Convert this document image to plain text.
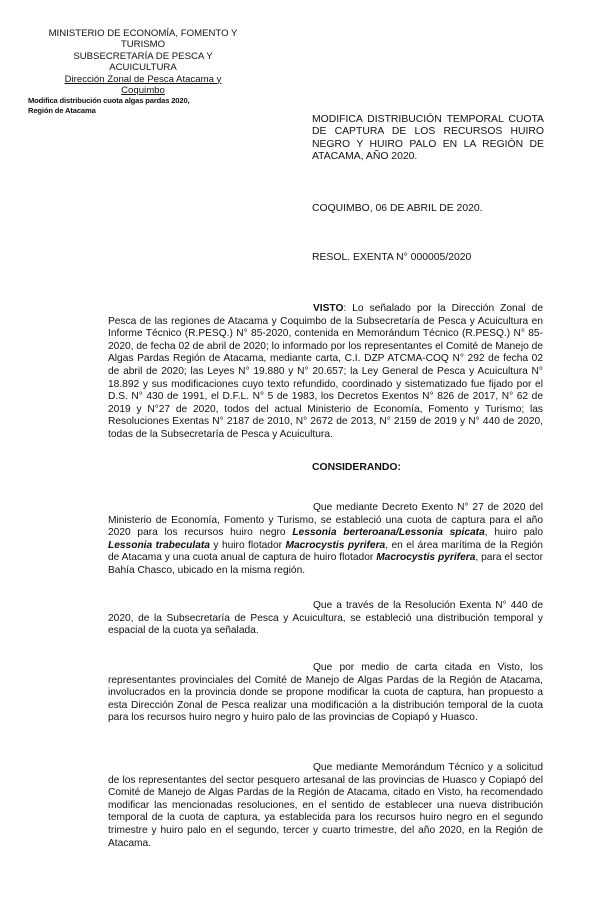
MINISTERIO DE ECONOMÍA, FOMENTO Y
TURISMO
SUBSECRETARÍA DE PESCA Y
ACUICULTURA
Dirección Zonal de Pesca Atacama y
Coquimbo
Modifica distribución cuota algas pardas 2020,
Región de Atacama
MODIFICA DISTRIBUCIÓN TEMPORAL CUOTA DE CAPTURA DE LOS RECURSOS HUIRO NEGRO Y HUIRO PALO EN LA REGIÓN DE ATACAMA, AÑO 2020.
COQUIMBO, 06 DE ABRIL DE 2020.
RESOL. EXENTA N° 000005/2020
VISTO: Lo señalado por la Dirección Zonal de Pesca de las regiones de Atacama y Coquimbo de la Subsecretaría de Pesca y Acuicultura en Informe Técnico (R.PESQ.) N° 85-2020, contenida en Memorándum Técnico (R.PESQ.) N° 85-2020, de fecha 02 de abril de 2020; lo informado por los representantes el Comité de Manejo de Algas Pardas Región de Atacama, mediante carta, C.I. DZP ATCMA-COQ N° 292 de fecha 02 de abril de 2020; las Leyes N° 19.880 y N° 20.657; la Ley General de Pesca y Acuicultura N° 18.892 y sus modificaciones cuyo texto refundido, coordinado y sistematizado fue fijado por el D.S. N° 430 de 1991, el D.F.L. N° 5 de 1983, los Decretos Exentos N° 826 de 2017, N° 62 de 2019 y N°27 de 2020, todos del actual Ministerio de Economía, Fomento y Turismo; las Resoluciones Exentas N° 2187 de 2010, N° 2672 de 2013, N° 2159 de 2019 y N° 440 de 2020, todas de la Subsecretaría de Pesca y Acuicultura.
CONSIDERANDO:
Que mediante Decreto Exento N° 27 de 2020 del Ministerio de Economía, Fomento y Turismo, se estableció una cuota de captura para el año 2020 para los recursos huiro negro Lessonia berteroana/Lessonia spicata, huiro palo Lessonia trabeculata y huiro flotador Macrocystis pyrifera, en el área marítima de la Región de Atacama y una cuota anual de captura de huiro flotador Macrocystis pyrifera, para el sector Bahía Chasco, ubicado en la misma región.
Que a través de la Resolución Exenta N° 440 de 2020, de la Subsecretaría de Pesca y Acuicultura, se estableció una distribución temporal y espacial de la cuota ya señalada.
Que por medio de carta citada en Visto, los representantes provinciales del Comité de Manejo de Algas Pardas de la Región de Atacama, involucrados en la provincia donde se propone modificar la cuota de captura, han propuesto a esta Dirección Zonal de Pesca realizar una modificación a la distribución temporal de la cuota para los recursos huiro negro y huiro palo de las provincias de Copiapó y Huasco.
Que mediante Memorándum Técnico y a solicitud de los representantes del sector pesquero artesanal de las provincias de Huasco y Copiapó del Comité de Manejo de Algas Pardas de la Región de Atacama, citado en Visto, ha recomendado modificar las mencionadas resoluciones, en el sentido de establecer una nueva distribución temporal de la cuota de captura, ya establecida para los recursos huiro negro en el segundo trimestre y huiro palo en el segundo, tercer y cuarto trimestre, del año 2020, en la Región de Atacama.
